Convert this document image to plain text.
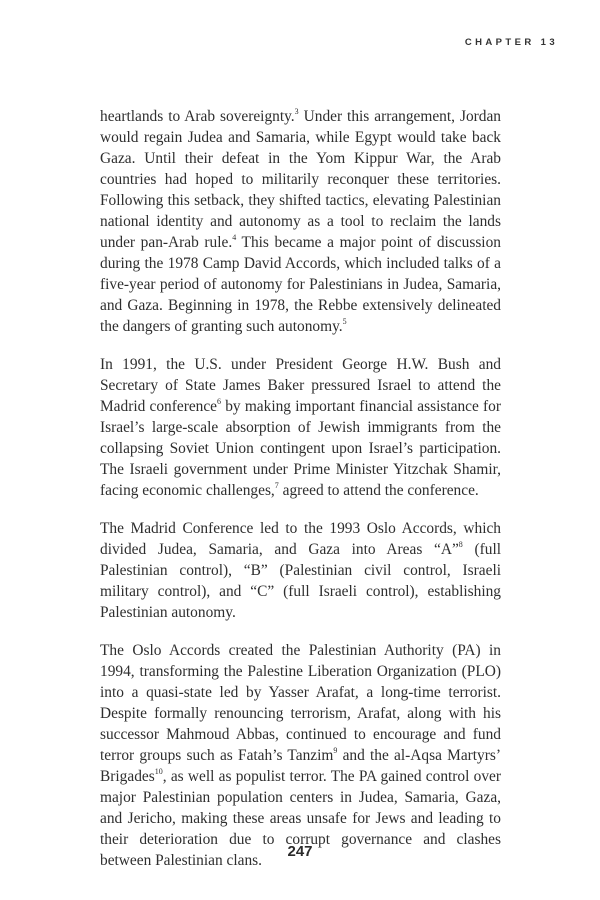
CHAPTER 13

heartlands to Arab sovereignty.$^3$ Under this arrangement, Jordan would regain Judea and Samaria, while Egypt would take back Gaza. Until their defeat in the Yom Kippur War, the Arab countries had hoped to militarily reconquer these territories. Following this setback, they shifted tactics, elevating Palestinian national identity and autonomy as a tool to reclaim the lands under pan-Arab rule.$^4$ This became a major point of discussion during the 1978 Camp David Accords, which included talks of a five-year period of autonomy for Palestinians in Judea, Samaria, and Gaza. Beginning in 1978, the Rebbe extensively delineated the dangers of granting such autonomy.$^5$

In 1991, the U.S. under President George H.W. Bush and Secretary of State James Baker pressured Israel to attend the Madrid conference$^6$ by making important financial assistance for Israel’s large-scale absorption of Jewish immigrants from the collapsing Soviet Union contingent upon Israel’s participation. The Israeli government under Prime Minister Yitzchak Shamir, facing economic challenges,$^7$ agreed to attend the conference.

The Madrid Conference led to the 1993 Oslo Accords, which divided Judea, Samaria, and Gaza into Areas “A”$^8$ (full Palestinian control), “B” (Palestinian civil control, Israeli military control), and “C” (full Israeli control), establishing Palestinian autonomy.

The Oslo Accords created the Palestinian Authority (PA) in 1994, transforming the Palestine Liberation Organization (PLO) into a quasi-state led by Yasser Arafat, a long-time terrorist. Despite formally renouncing terrorism, Arafat, along with his successor Mahmoud Abbas, continued to encourage and fund terror groups such as Fatah’s Tanzim$^9$ and the al-Aqsa Martyrs’ Brigades$^{10}$, as well as populist terror. The PA gained control over major Palestinian population centers in Judea, Samaria, Gaza, and Jericho, making these areas unsafe for Jews and leading to their deterioration due to corrupt governance and clashes between Palestinian clans.

247
